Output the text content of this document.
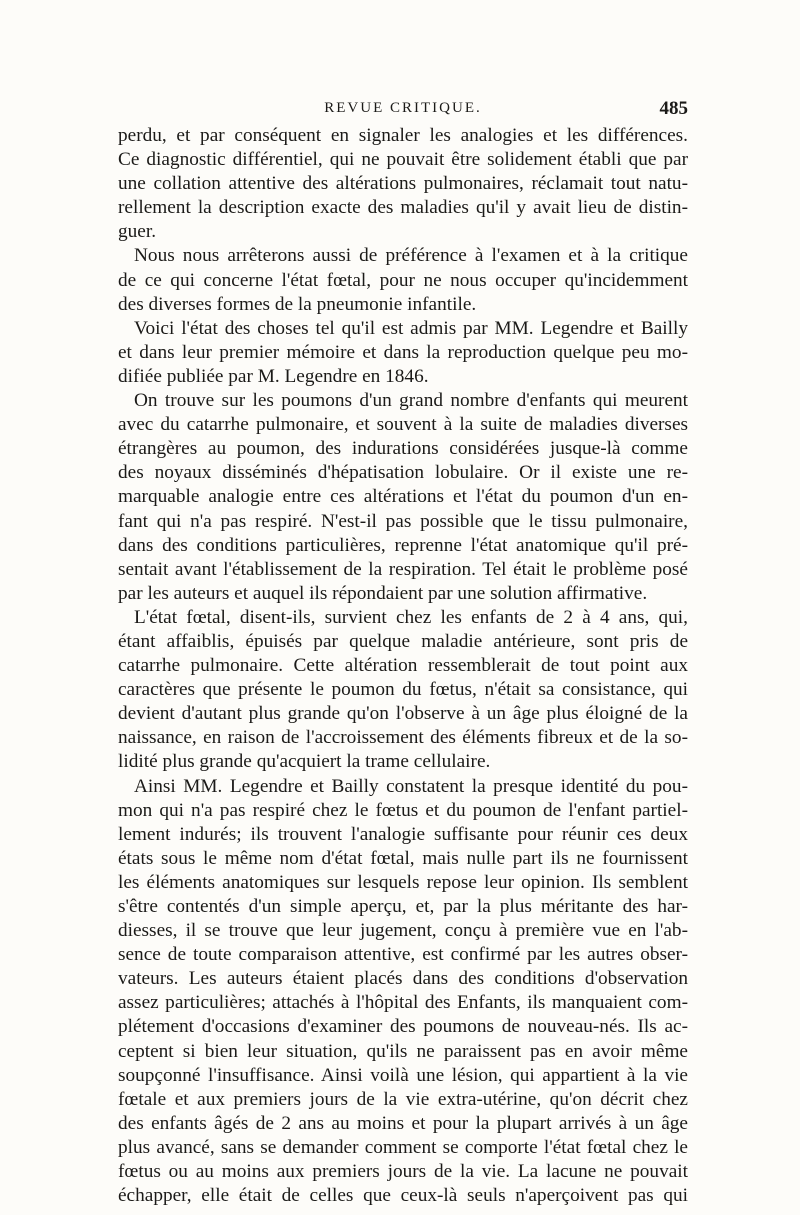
REVUE CRITIQUE.	485
perdu, et par conséquent en signaler les analogies et les différences.
Ce diagnostic différentiel, qui ne pouvait être solidement établi que par
une collation attentive des altérations pulmonaires, réclamait tout natu-
rellement la description exacte des maladies qu'il y avait lieu de distin-
guer.
Nous nous arrêterons aussi de préférence à l'examen et à la critique
de ce qui concerne l'état fœtal, pour ne nous occuper qu'incidemment
des diverses formes de la pneumonie infantile.
Voici l'état des choses tel qu'il est admis par MM. Legendre et Bailly
et dans leur premier mémoire et dans la reproduction quelque peu mo-
difiée publiée par M. Legendre en 1846.
On trouve sur les poumons d'un grand nombre d'enfants qui meurent
avec du catarrhe pulmonaire, et souvent à la suite de maladies diverses
étrangères au poumon, des indurations considérées jusque-là comme
des noyaux disséminés d'hépatisation lobulaire. Or il existe une re-
marquable analogie entre ces altérations et l'état du poumon d'un en-
fant qui n'a pas respiré. N'est-il pas possible que le tissu pulmonaire,
dans des conditions particulières, reprenne l'état anatomique qu'il pré-
sentait avant l'établissement de la respiration. Tel était le problème posé
par les auteurs et auquel ils répondaient par une solution affirmative.
L'état fœtal, disent-ils, survient chez les enfants de 2 à 4 ans, qui,
étant affaiblis, épuisés par quelque maladie antérieure, sont pris de
catarrhe pulmonaire. Cette altération ressemblerait de tout point aux
caractères que présente le poumon du fœtus, n'était sa consistance, qui
devient d'autant plus grande qu'on l'observe à un âge plus éloigné de la
naissance, en raison de l'accroissement des éléments fibreux et de la so-
lidité plus grande qu'acquiert la trame cellulaire.
Ainsi MM. Legendre et Bailly constatent la presque identité du pou-
mon qui n'a pas respiré chez le fœtus et du poumon de l'enfant partiel-
lement indurés; ils trouvent l'analogie suffisante pour réunir ces deux
états sous le même nom d'état fœtal, mais nulle part ils ne fournissent
les éléments anatomiques sur lesquels repose leur opinion. Ils semblent
s'être contentés d'un simple aperçu, et, par la plus méritante des har-
diesses, il se trouve que leur jugement, conçu à première vue en l'ab-
sence de toute comparaison attentive, est confirmé par les autres obser-
vateurs. Les auteurs étaient placés dans des conditions d'observation
assez particulières; attachés à l'hôpital des Enfants, ils manquaient com-
plétement d'occasions d'examiner des poumons de nouveau-nés. Ils ac-
ceptent si bien leur situation, qu'ils ne paraissent pas en avoir même
soupçonné l'insuffisance. Ainsi voilà une lésion, qui appartient à la vie
fœtale et aux premiers jours de la vie extra-utérine, qu'on décrit chez
des enfants âgés de 2 ans au moins et pour la plupart arrivés à un âge
plus avancé, sans se demander comment se comporte l'état fœtal chez le
fœtus ou au moins aux premiers jours de la vie. La lacune ne pouvait
échapper, elle était de celles que ceux-là seuls n'aperçoivent pas qui
